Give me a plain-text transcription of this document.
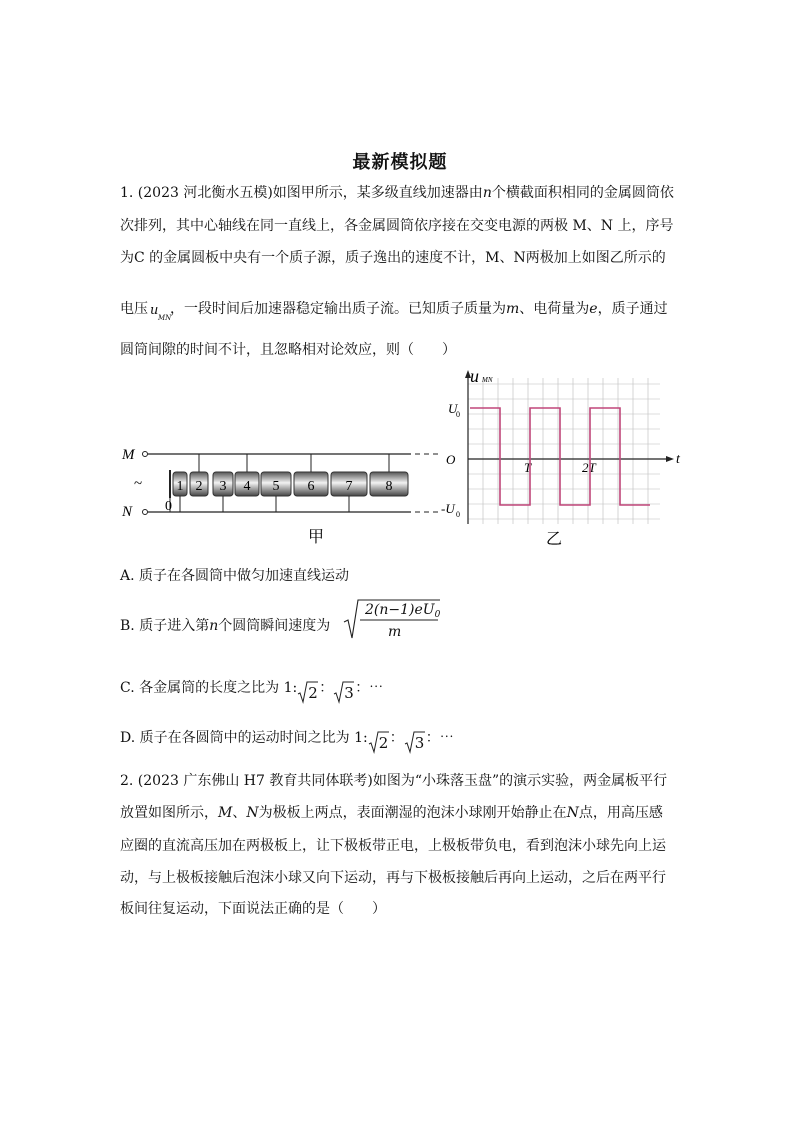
最新模拟题
1. (2023 河北衡水五模)如图甲所示，某多级直线加速器由n个横截面积相同的金属圆筒依
次排列，其中心轴线在同一直线上，各金属圆筒依序接在交变电源的两极 M、N 上，序号
为C 的金属圆板中央有一个质子源，质子逸出的速度不计，M、N两极加上如图乙所示的
电压 u MN
，一段时间后加速器稳定输出质子流。已知质子质量为m、电荷量为e，质子通过
圆筒间隙的时间不计，且忽略相对论效应，则（　　）
M
~
N 0
1 2 3 4 5 6 7 8
甲
u MN
t
U
0
O
-U 0
T	2T
乙
A. 质子在各圆筒中做匀加速直线运动
B. 质子进入第n个圆筒瞬间速度为
$2(n-1)eU_0$
m
C. 各金属筒的长度之比为 1: 2 ： 3 ：⋯
D. 质子在各圆筒中的运动时间之比为 1: 2 ： 3 ：⋯
2. (2023 广东佛山 H7 教育共同体联考)如图为“小珠落玉盘”的演示实验，两金属板平行
放置如图所示，M、N为极板上两点，表面潮湿的泡沫小球刚开始静止在N点，用高压感
应圈的直流高压加在两极板上，让下极板带正电，上极板带负电，看到泡沫小球先向上运
动，与上极板接触后泡沫小球又向下运动，再与下极板接触后再向上运动，之后在两平行
板间往复运动，下面说法正确的是（　　）
